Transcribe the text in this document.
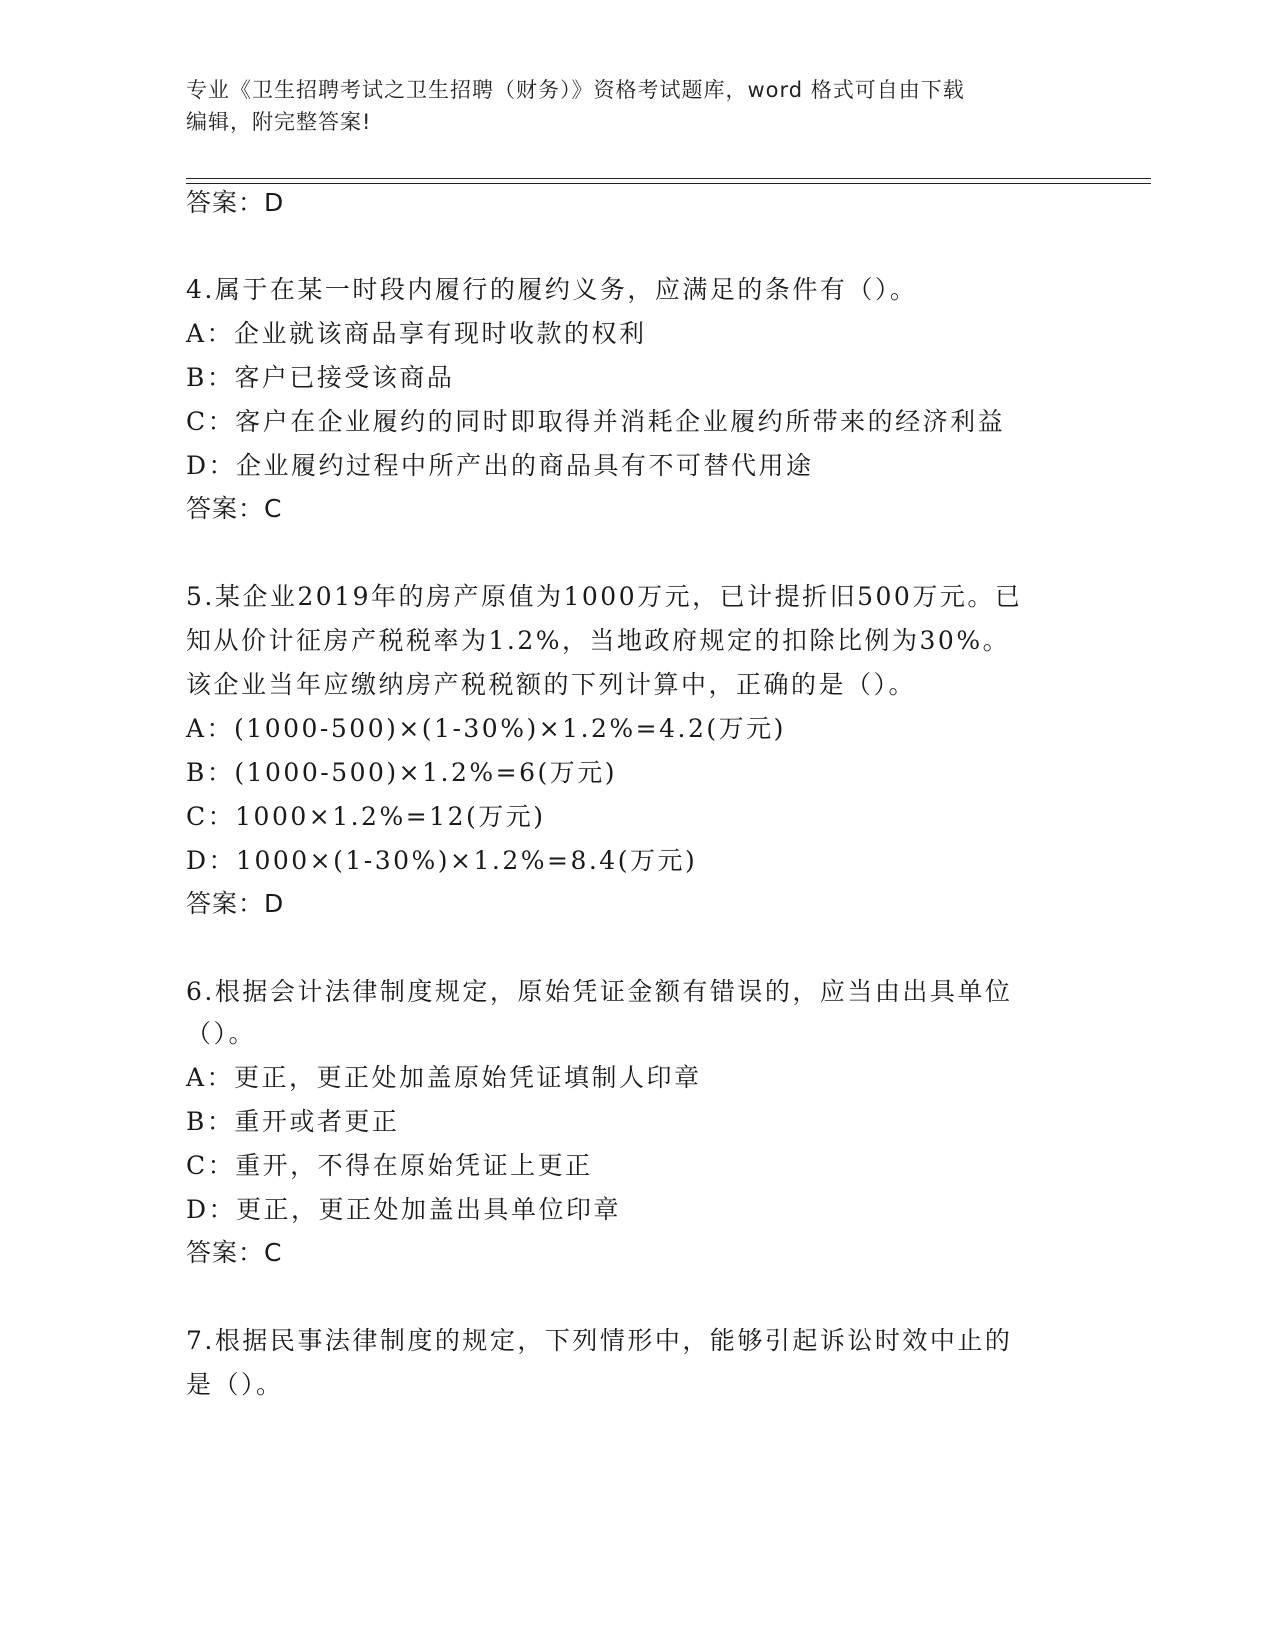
专业《卫生招聘考试之卫生招聘（财务）》资格考试题库，word 格式可自由下载
编辑，附完整答案!
答案：D
4.属于在某一时段内履行的履约义务，应满足的条件有（）。
A：企业就该商品享有现时收款的权利
B：客户已接受该商品
C：客户在企业履约的同时即取得并消耗企业履约所带来的经济利益
D：企业履约过程中所产出的商品具有不可替代用途
答案：C
5.某企业2019年的房产原值为1000万元，已计提折旧500万元。已
知从价计征房产税税率为1.2%，当地政府规定的扣除比例为30%。
该企业当年应缴纳房产税税额的下列计算中，正确的是（）。
A：(1000-500)×(1-30%)×1.2%=4.2(万元)
B：(1000-500)×1.2%=6(万元)
C：1000×1.2%=12(万元)
D：1000×(1-30%)×1.2%=8.4(万元)
答案：D
6.根据会计法律制度规定，原始凭证金额有错误的，应当由出具单位
（）。
A：更正，更正处加盖原始凭证填制人印章
B：重开或者更正
C：重开，不得在原始凭证上更正
D：更正，更正处加盖出具单位印章
答案：C
7.根据民事法律制度的规定，下列情形中，能够引起诉讼时效中止的
是（）。
